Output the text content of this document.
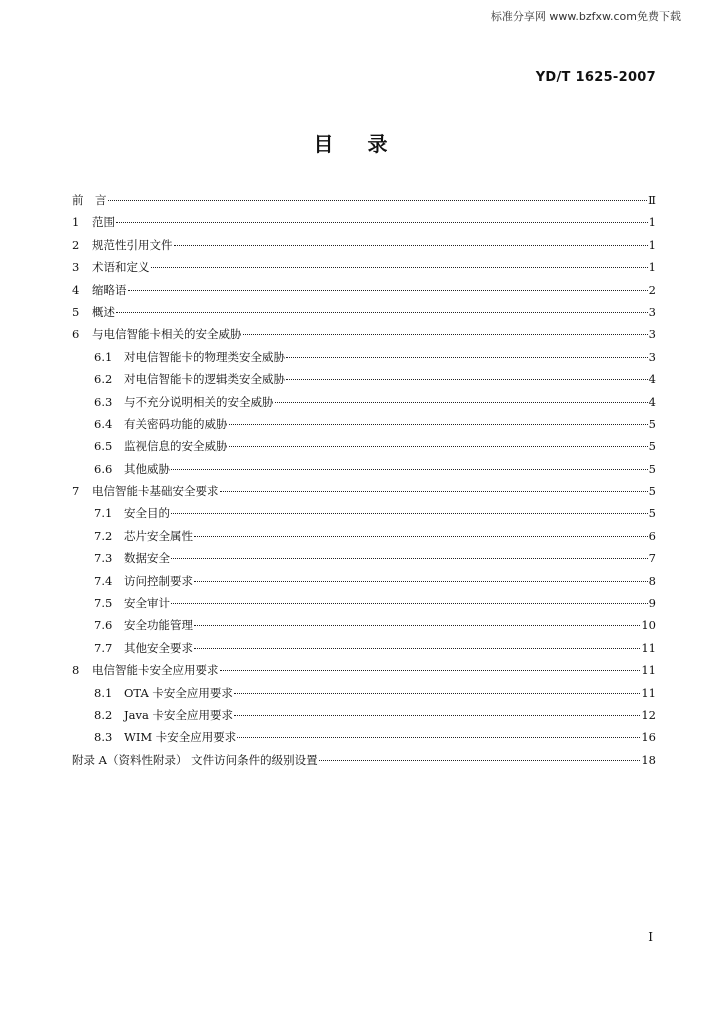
标准分享网 www.bzfxw.com免费下载
YD/T 1625-2007
目 录
前　言	Ⅱ
1	范围	1
2	规范性引用文件	1
3	术语和定义	1
4	缩略语	2
5	概述	3
6	与电信智能卡相关的安全威胁	3
6.1	对电信智能卡的物理类安全威胁	3
6.2	对电信智能卡的逻辑类安全威胁	4
6.3	与不充分说明相关的安全威胁	4
6.4	有关密码功能的威胁	5
6.5	监视信息的安全威胁	5
6.6	其他威胁	5
7	电信智能卡基础安全要求	5
7.1	安全目的	5
7.2	芯片安全属性	6
7.3	数据安全	7
7.4	访问控制要求	8
7.5	安全审计	9
7.6	安全功能管理	10
7.7	其他安全要求	11
8	电信智能卡安全应用要求	11
8.1	OTA 卡安全应用要求	11
8.2	Java 卡安全应用要求	12
8.3	WIM 卡安全应用要求	16
附录 A（资料性附录） 文件访问条件的级别设置	18
I
